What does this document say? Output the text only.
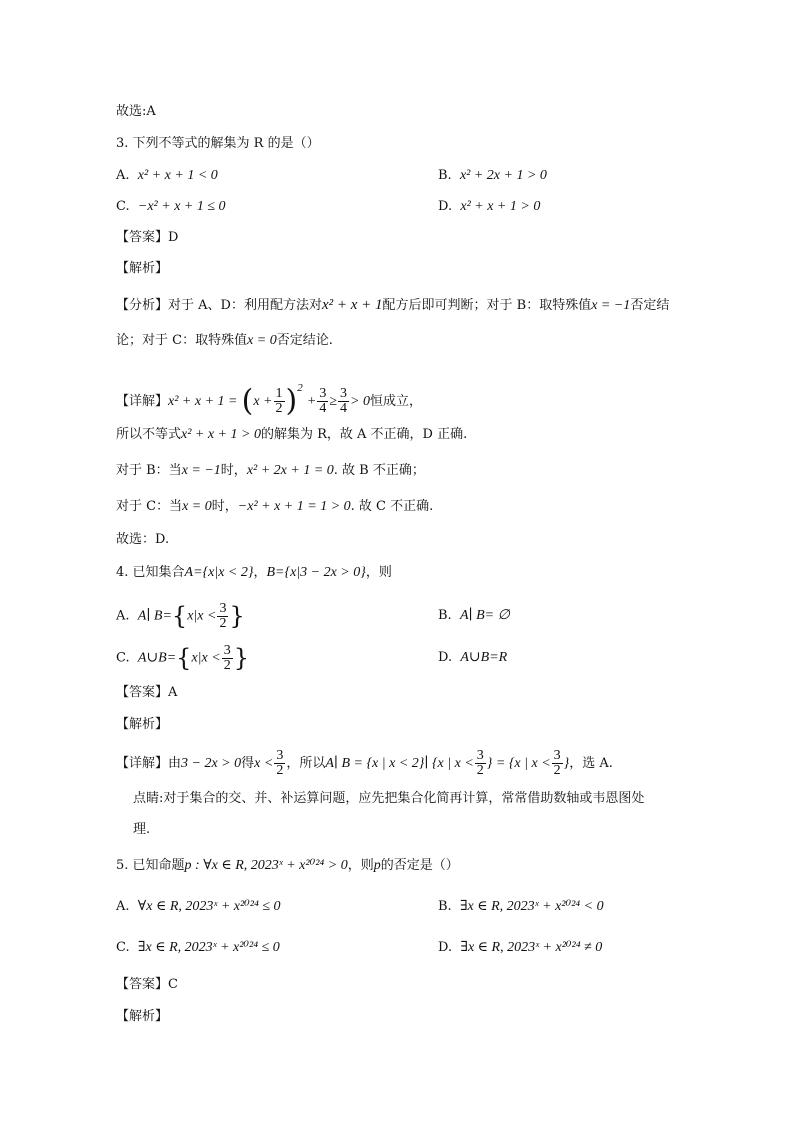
故选:A
3. 下列不等式的解集为 R 的是（）
A. x² + x + 1 < 0	B. x² + 2x + 1 > 0
C. −x² + x + 1 ≤ 0	D. x² + x + 1 > 0
【答案】D
【解析】
【分析】对于 A、D：利用配方法对x² + x + 1配方后即可判断；对于 B：取特殊值x = −1否定结
论；对于 C：取特殊值x = 0否定结论.
【详解】$x^2 + x + 1 = (x + \frac{1}{2} )^2 + \frac{3}{4} \ge \frac{3}{4} > 0$恒成立，
所以不等式x² + x + 1 > 0的解集为 R，故 A 不正确，D 正确.
对于 B：当x = −1时，x² + 2x + 1 = 0. 故 B 不正确；
对于 C：当x = 0时，−x² + x + 1 = 1 > 0. 故 C 不正确.
故选：D.
4. 已知集合A={x|x < 2}，B={x|3 − 2x > 0}，则
A. A∣ $B=\{x|x < \frac{3}{2}$ }	B. A∣ B= ∅
C. A∪B={x|x < $\frac{3}{2}$ }	D. A∪B=R
【答案】A
【解析】
【详解】由3 − 2x > 0得$x < \frac{3}{2}$ ，所以A∣ B = {x | x < 2}∣ {x | $x < \frac{3}{2}$ } = {x | $x < \frac{3}{2}$ }，选 A.
点睛:对于集合的交、并、补运算问题，应先把集合化简再计算，常常借助数轴或韦恩图处
理.
5. 已知命题p : ∀x ∈ R, 2023ˣ + x²⁰²⁴ > 0，则p的否定是（）
A. ∀x ∈ R, 2023ˣ + x²⁰²⁴ ≤ 0	B. ∃x ∈ R, 2023ˣ + x²⁰²⁴ < 0
C. ∃x ∈ R, 2023ˣ + x²⁰²⁴ ≤ 0	D. ∃x ∈ R, 2023ˣ + x²⁰²⁴ ≠ 0
【答案】C
【解析】
